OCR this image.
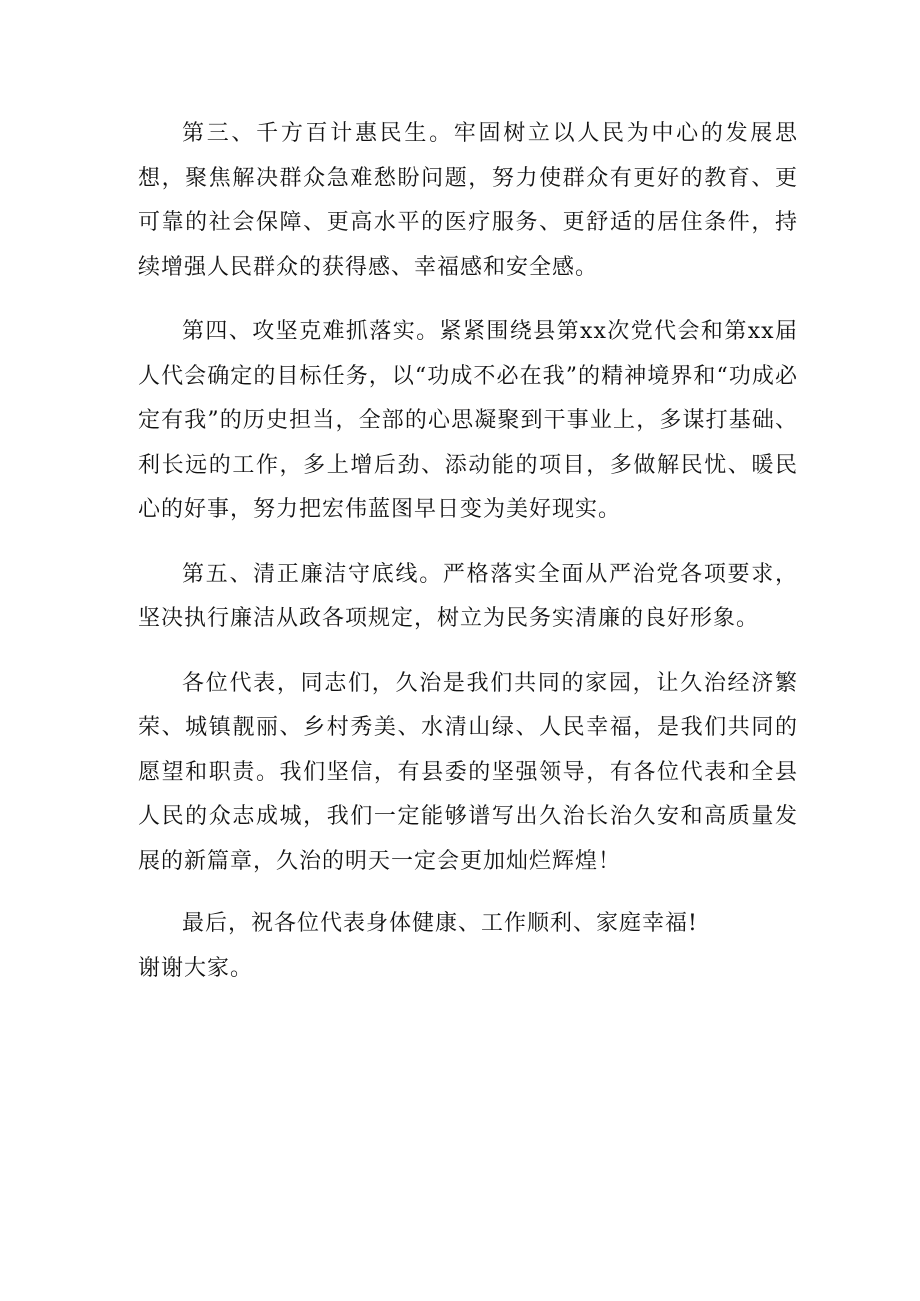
第三、千方百计惠民生。牢固树立以人民为中心的发展思想，聚焦解决群众急难愁盼问题，努力使群众有更好的教育、更可靠的社会保障、更高水平的医疗服务、更舒适的居住条件，持续增强人民群众的获得感、幸福感和安全感。

第四、攻坚克难抓落实。紧紧围绕县第xx次党代会和第xx届人代会确定的目标任务，以“功成不必在我”的精神境界和“功成必定有我”的历史担当，全部的心思凝聚到干事业上，多谋打基础、利长远的工作，多上增后劲、添动能的项目，多做解民忧、暖民心的好事，努力把宏伟蓝图早日变为美好现实。

第五、清正廉洁守底线。严格落实全面从严治党各项要求，坚决执行廉洁从政各项规定，树立为民务实清廉的良好形象。

各位代表，同志们，久治是我们共同的家园，让久治经济繁荣、城镇靓丽、乡村秀美、水清山绿、人民幸福，是我们共同的愿望和职责。我们坚信，有县委的坚强领导，有各位代表和全县人民的众志成城，我们一定能够谱写出久治长治久安和高质量发展的新篇章，久治的明天一定会更加灿烂辉煌！

最后，祝各位代表身体健康、工作顺利、家庭幸福!

谢谢大家。
